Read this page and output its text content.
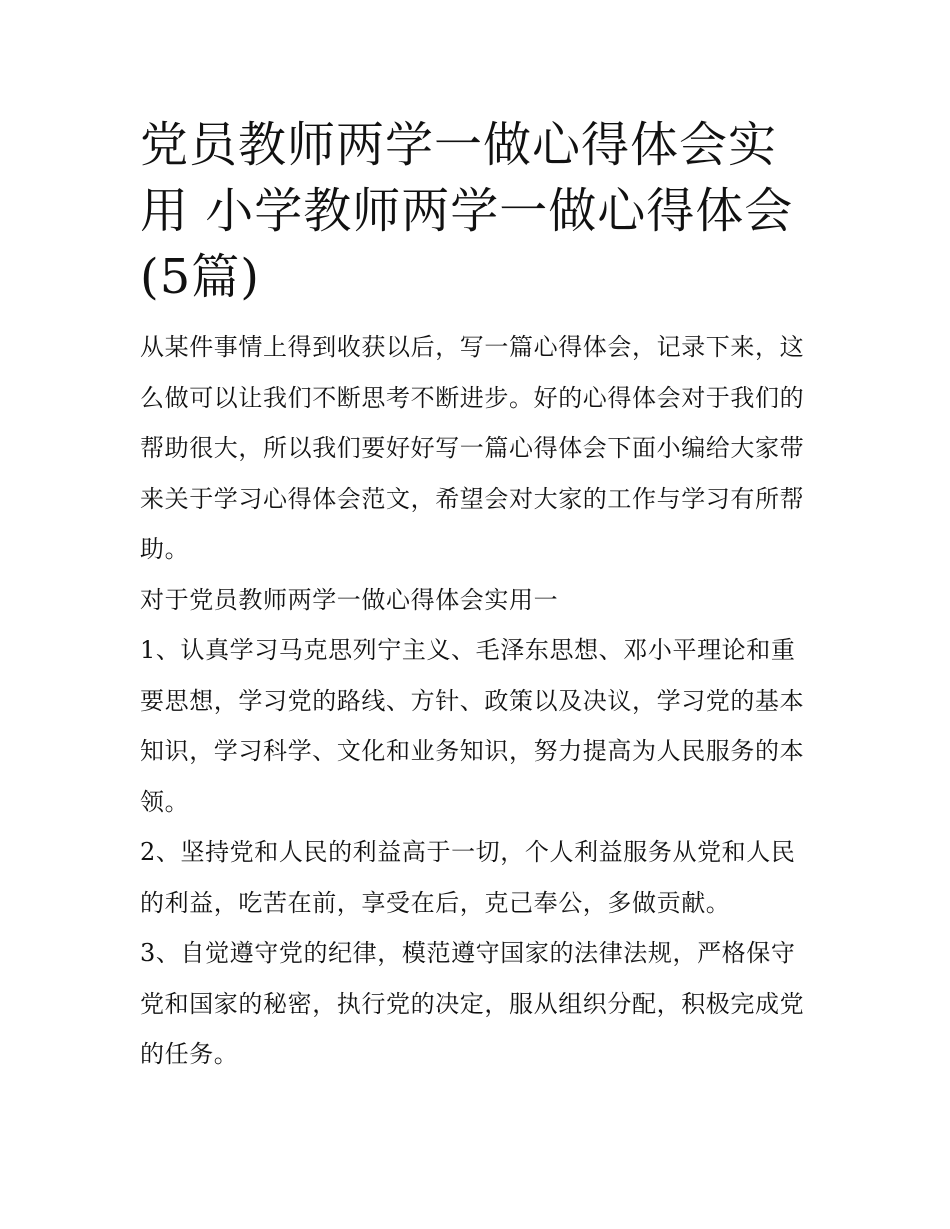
党员教师两学一做心得体会实用 小学教师两学一做心得体会(5篇)

从某件事情上得到收获以后，写一篇心得体会，记录下来，这么做可以让我们不断思考不断进步。好的心得体会对于我们的帮助很大，所以我们要好好写一篇心得体会下面小编给大家带来关于学习心得体会范文，希望会对大家的工作与学习有所帮助。

对于党员教师两学一做心得体会实用一

1、认真学习马克思列宁主义、毛泽东思想、邓小平理论和重要思想，学习党的路线、方针、政策以及决议，学习党的基本知识，学习科学、文化和业务知识，努力提高为人民服务的本领。

2、坚持党和人民的利益高于一切，个人利益服务从党和人民的利益，吃苦在前，享受在后，克己奉公，多做贡献。

3、自觉遵守党的纪律，模范遵守国家的法律法规，严格保守党和国家的秘密，执行党的决定，服从组织分配，积极完成党的任务。
